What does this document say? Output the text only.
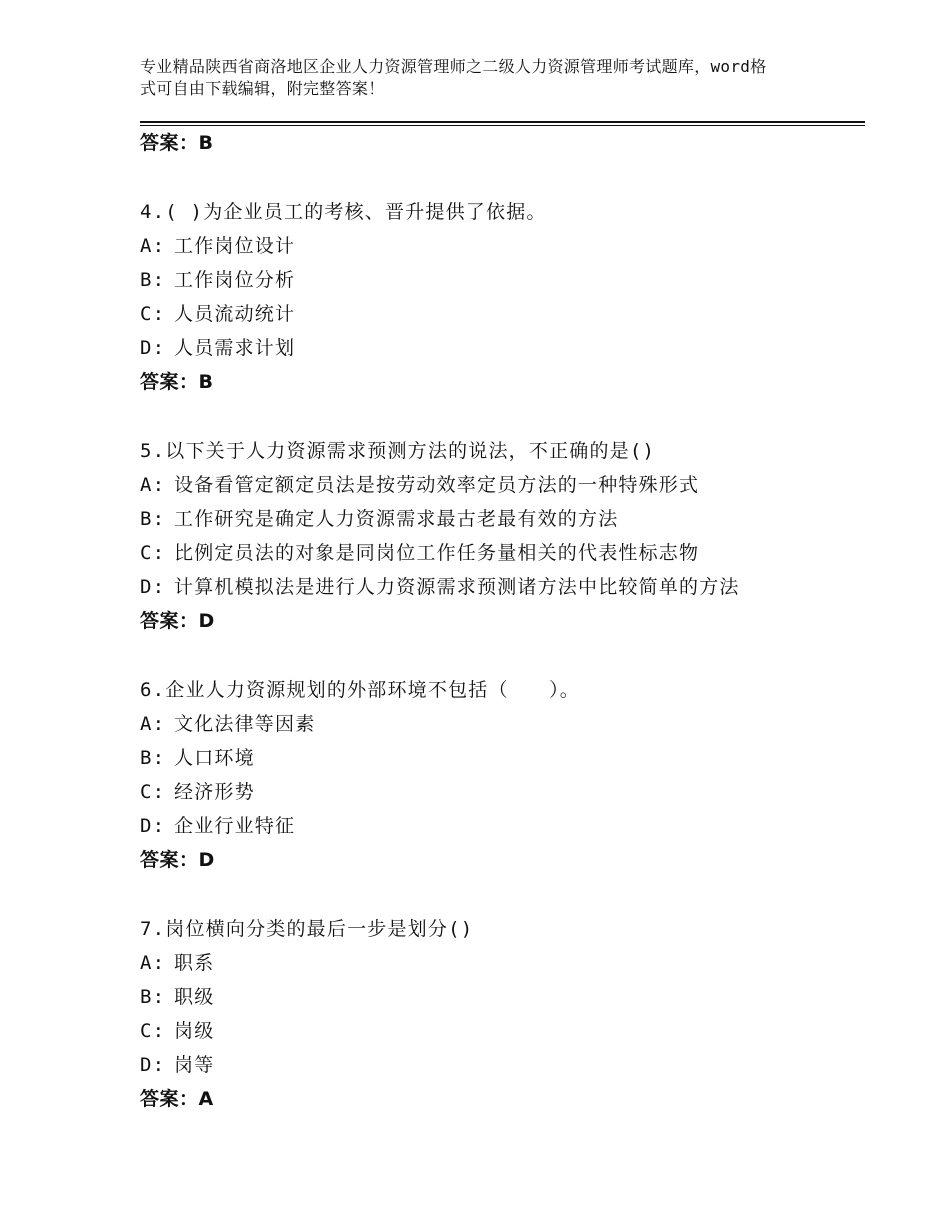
专业精品陕西省商洛地区企业人力资源管理师之二级人力资源管理师考试题库，word格式可自由下载编辑，附完整答案！
答案：B
4.( )为企业员工的考核、晋升提供了依据。
A: 工作岗位设计
B: 工作岗位分析
C: 人员流动统计
D: 人员需求计划
答案：B
5.以下关于人力资源需求预测方法的说法，不正确的是()
A: 设备看管定额定员法是按劳动效率定员方法的一种特殊形式
B: 工作研究是确定人力资源需求最古老最有效的方法
C: 比例定员法的对象是同岗位工作任务量相关的代表性标志物
D: 计算机模拟法是进行人力资源需求预测诸方法中比较简单的方法
答案：D
6.企业人力资源规划的外部环境不包括（　　）。
A: 文化法律等因素
B: 人口环境
C: 经济形势
D: 企业行业特征
答案：D
7.岗位横向分类的最后一步是划分()
A: 职系
B: 职级
C: 岗级
D: 岗等
答案：A
